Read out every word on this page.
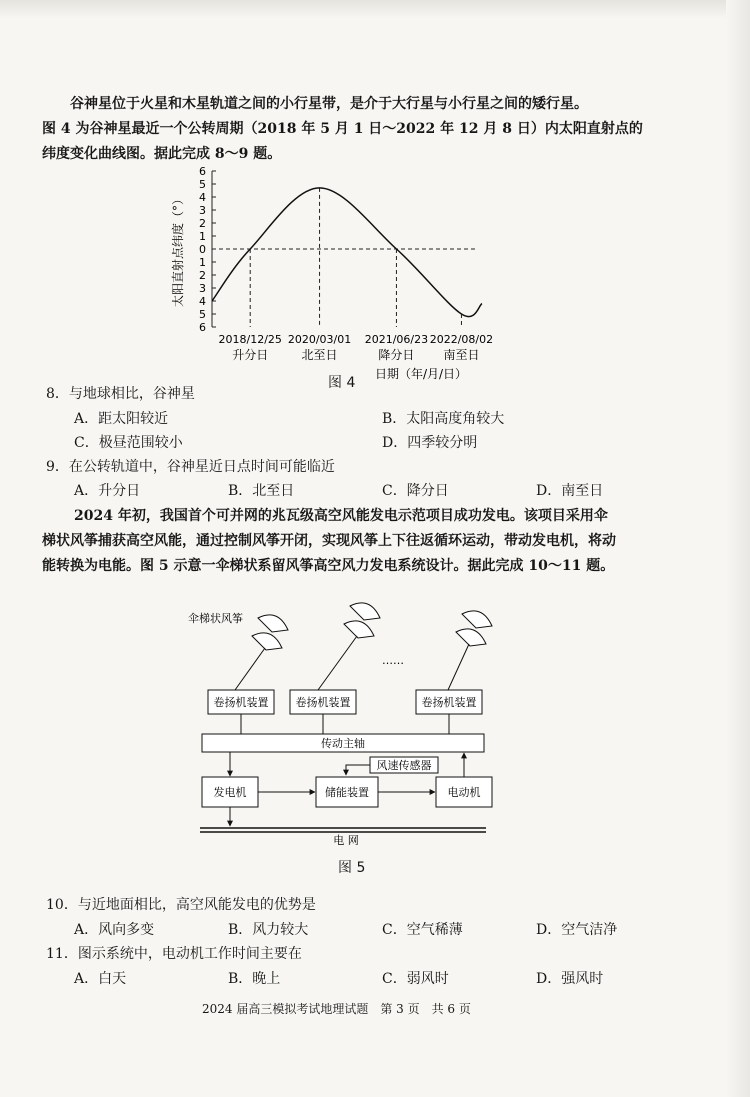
谷神星位于火星和木星轨道之间的小行星带，是介于大行星与小行星之间的矮行星。
图 4 为谷神星最近一个公转周期（2018 年 5 月 1 日～2022 年 12 月 8 日）内太阳直射点的
纬度变化曲线图。据此完成 8～9 题。
太阳直射点纬度（°）
6
5
4
3
2
1
0
1
2
3
4
5
6
2018/12/25
升分日
2020/03/01
北至日
2021/06/23
降分日
2022/08/02
南至日
日期（年/月/日）
图 4
8．与地球相比，谷神星
A．距太阳较近	B．太阳高度角较大
C．极昼范围较小	D．四季较分明
9．在公转轨道中，谷神星近日点时间可能临近
A．升分日	B．北至日	C．降分日	D．南至日
2024 年初，我国首个可并网的兆瓦级高空风能发电示范项目成功发电。该项目采用伞
梯状风筝捕获高空风能，通过控制风筝开闭，实现风筝上下往返循环运动，带动发电机，将动
能转换为电能。图 5 示意一伞梯状系留风筝高空风力发电系统设计。据此完成 10～11 题。
伞梯状风筝
……
卷扬机装置 卷扬机装置	卷扬机装置
传动主轴
风速传感器
发电机	储能装置	电动机
电 网
图 5
10．与近地面相比，高空风能发电的优势是
A．风向多变	B．风力较大	C．空气稀薄	D．空气洁净
11．图示系统中，电动机工作时间主要在
A．白天	B．晚上	C．弱风时	D．强风时
2024 届高三模拟考试地理试题　第 3 页　共 6 页
